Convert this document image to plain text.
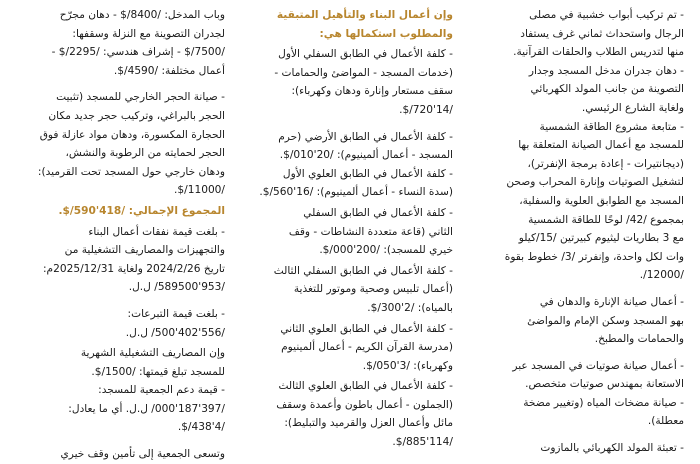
وباب المدخل: /8400/$ - دهان مجرّح
لجدران التصوينة مع النزلة وسقفها:
/7500/$ - إشراف هندسي: /2295/$ -
أعمال مختلفة: /4590/$.
- صيانة الحجر الخارجي للمسجد (تثبيت
الحجر بالبراغي، وتركيب حجر جديد مكان
الحجارة المكسورة، ودهان مواد عازلة فوق
الحجر لحمايته من الرطوبة والنشش،
ودهان خارجي حول المسجد تحت القرميد):
/11000/$.
المجموع الإجمالي: /418'590/$.
- بلغت قيمة نفقات أعمال البناء
والتجهيزات والمصاريف التشغيلية من
تاريخ 2024/2/26 ولغاية 2025/12/31م:
/953'589500/ ل.ل.
- بلغت قيمة التبرعات:
/556'402'500/ ل.ل.
وإن المصاريف التشغيلية الشهرية
للمسجد تبلغ قيمتها: /1500/$.
- قيمة دعم الجمعية للمسجد:
/397'187'000/ ل.ل. أي ما يعادل:
/4'438/$.
وتسعى الجمعية إلى تأمين وقف خيري
وإن أعمال البناء والتأهيل المتبقية
والمطلوب استكمالها هي:
- كلفة الأعمال في الطابق السفلي الأول
(خدمات المسجد - المواضئ والحمامات -
سقف مستعار وإنارة ودهان وكهرباء):
/14'720/$.
- كلفة الأعمال في الطابق الأرضي (حرم
المسجد - أعمال ألمينيوم): /20'010/$.
- كلفة الأعمال في الطابق العلوي الأول
(سدة النساء - أعمال ألمينيوم): /16'560/$.
- كلفة الأعمال في الطابق السفلي
الثاني (قاعة متعددة النشاطات - وقف
خيري للمسجد): /200'000/$.
- كلفة الأعمال في الطابق السفلي الثالث
(أعمال تلبيس وصحية وموتور للتغذية
بالمياه): /2'300/$.
- كلفة الأعمال في الطابق العلوي الثاني
(مدرسة القرآن الكريم - أعمال ألمينيوم
وكهرباء): /3'050/$.
- كلفة الأعمال في الطابق العلوي الثالث
(الجملون - أعمال باطون وأعمدة وسقف
مائل وأعمال العزل والقرميد والتبليط):
/114'885/$.
- تم تركيب أبواب خشبية في مصلى
الرجال واستحداث ثماني غرف يستفاد
منها لتدريس الطلاب والحلقات القرآنية.
- دهان جدران مدخل المسجد وجدار
التصوينة من جانب المولد الكهربائي
ولغاية الشارع الرئيسي.
- متابعة مشروع الطاقة الشمسية
للمسجد مع أعمال الصيانة المتعلقة بها
(ديجانتيرات - إعادة برمجة الإنفرتر)،
لتشغيل الصوتيات وإنارة المحراب وصحن
المسجد مع الطوابق العلوية والسفلية،
بمجموع /42/ لوحًا للطاقة الشمسية
مع 3 بطاريات ليثيوم كبيرتين /15/كيلو
وات لكل واحدة، وإنفرتر /3/ خطوط بقوة
/12000/.
- أعمال صيانة الإنارة والدهان في
بهو المسجد وسكن الإمام والمواضئ
والحمامات والمطبخ.
- أعمال صيانة صوتيات في المسجد عبر
الاستعانة بمهندس صوتيات متخصص.
- صيانة مضخات المياه (وتغيير مضخة
معطلة).
- تعبئة المولد الكهربائي بالمازوت
